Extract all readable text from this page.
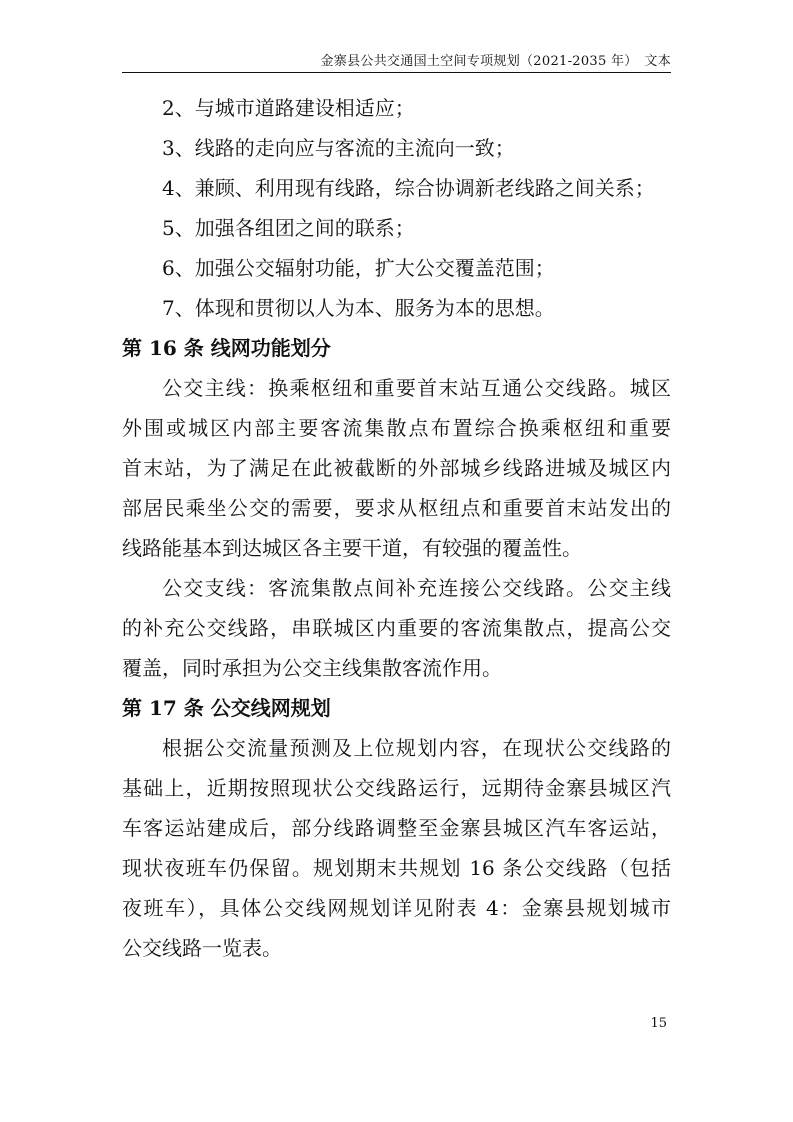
金寨县公共交通国土空间专项规划（2021-2035 年）　文本
2、与城市道路建设相适应；
3、线路的走向应与客流的主流向一致；
4、兼顾、利用现有线路，综合协调新老线路之间关系；
5、加强各组团之间的联系；
6、加强公交辐射功能，扩大公交覆盖范围；
7、体现和贯彻以人为本、服务为本的思想。
第 16 条 线网功能划分
公交主线：换乘枢纽和重要首末站互通公交线路。城区
外围或城区内部主要客流集散点布置综合换乘枢纽和重要
首末站，为了满足在此被截断的外部城乡线路进城及城区内
部居民乘坐公交的需要，要求从枢纽点和重要首末站发出的
线路能基本到达城区各主要干道，有较强的覆盖性。
公交支线：客流集散点间补充连接公交线路。公交主线
的补充公交线路，串联城区内重要的客流集散点，提高公交
覆盖，同时承担为公交主线集散客流作用。
第 17 条 公交线网规划
根据公交流量预测及上位规划内容，在现状公交线路的
基础上，近期按照现状公交线路运行，远期待金寨县城区汽
车客运站建成后，部分线路调整至金寨县城区汽车客运站，
现状夜班车仍保留。规划期末共规划 16 条公交线路（包括
夜班车），具体公交线网规划详见附表 4：金寨县规划城市
公交线路一览表。
15
